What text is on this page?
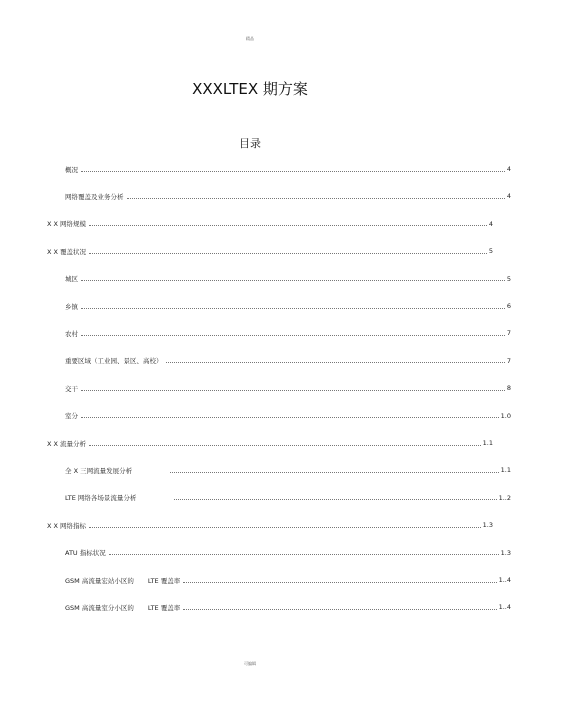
精品
XXXLTEX 期方案
目录
概况	4
网络覆盖及业务分析	4
X X 网络规模	4
X X 覆盖状况	5
城区	5
乡镇	6
农村	7
重要区域（工业园、景区、高校）	7
交干	8
室分	1.0
X X 流量分析	1.1
全 X 三网流量发展分析	1.1
LTE 网络各场景流量分析	1..2
X X 网络指标	1.3
ATU 指标状况	1.3
GSM 高流量宏站小区的 LTE 覆盖率	1..4
GSM 高流量室分小区的 LTE 覆盖率	1..4
可编辑
